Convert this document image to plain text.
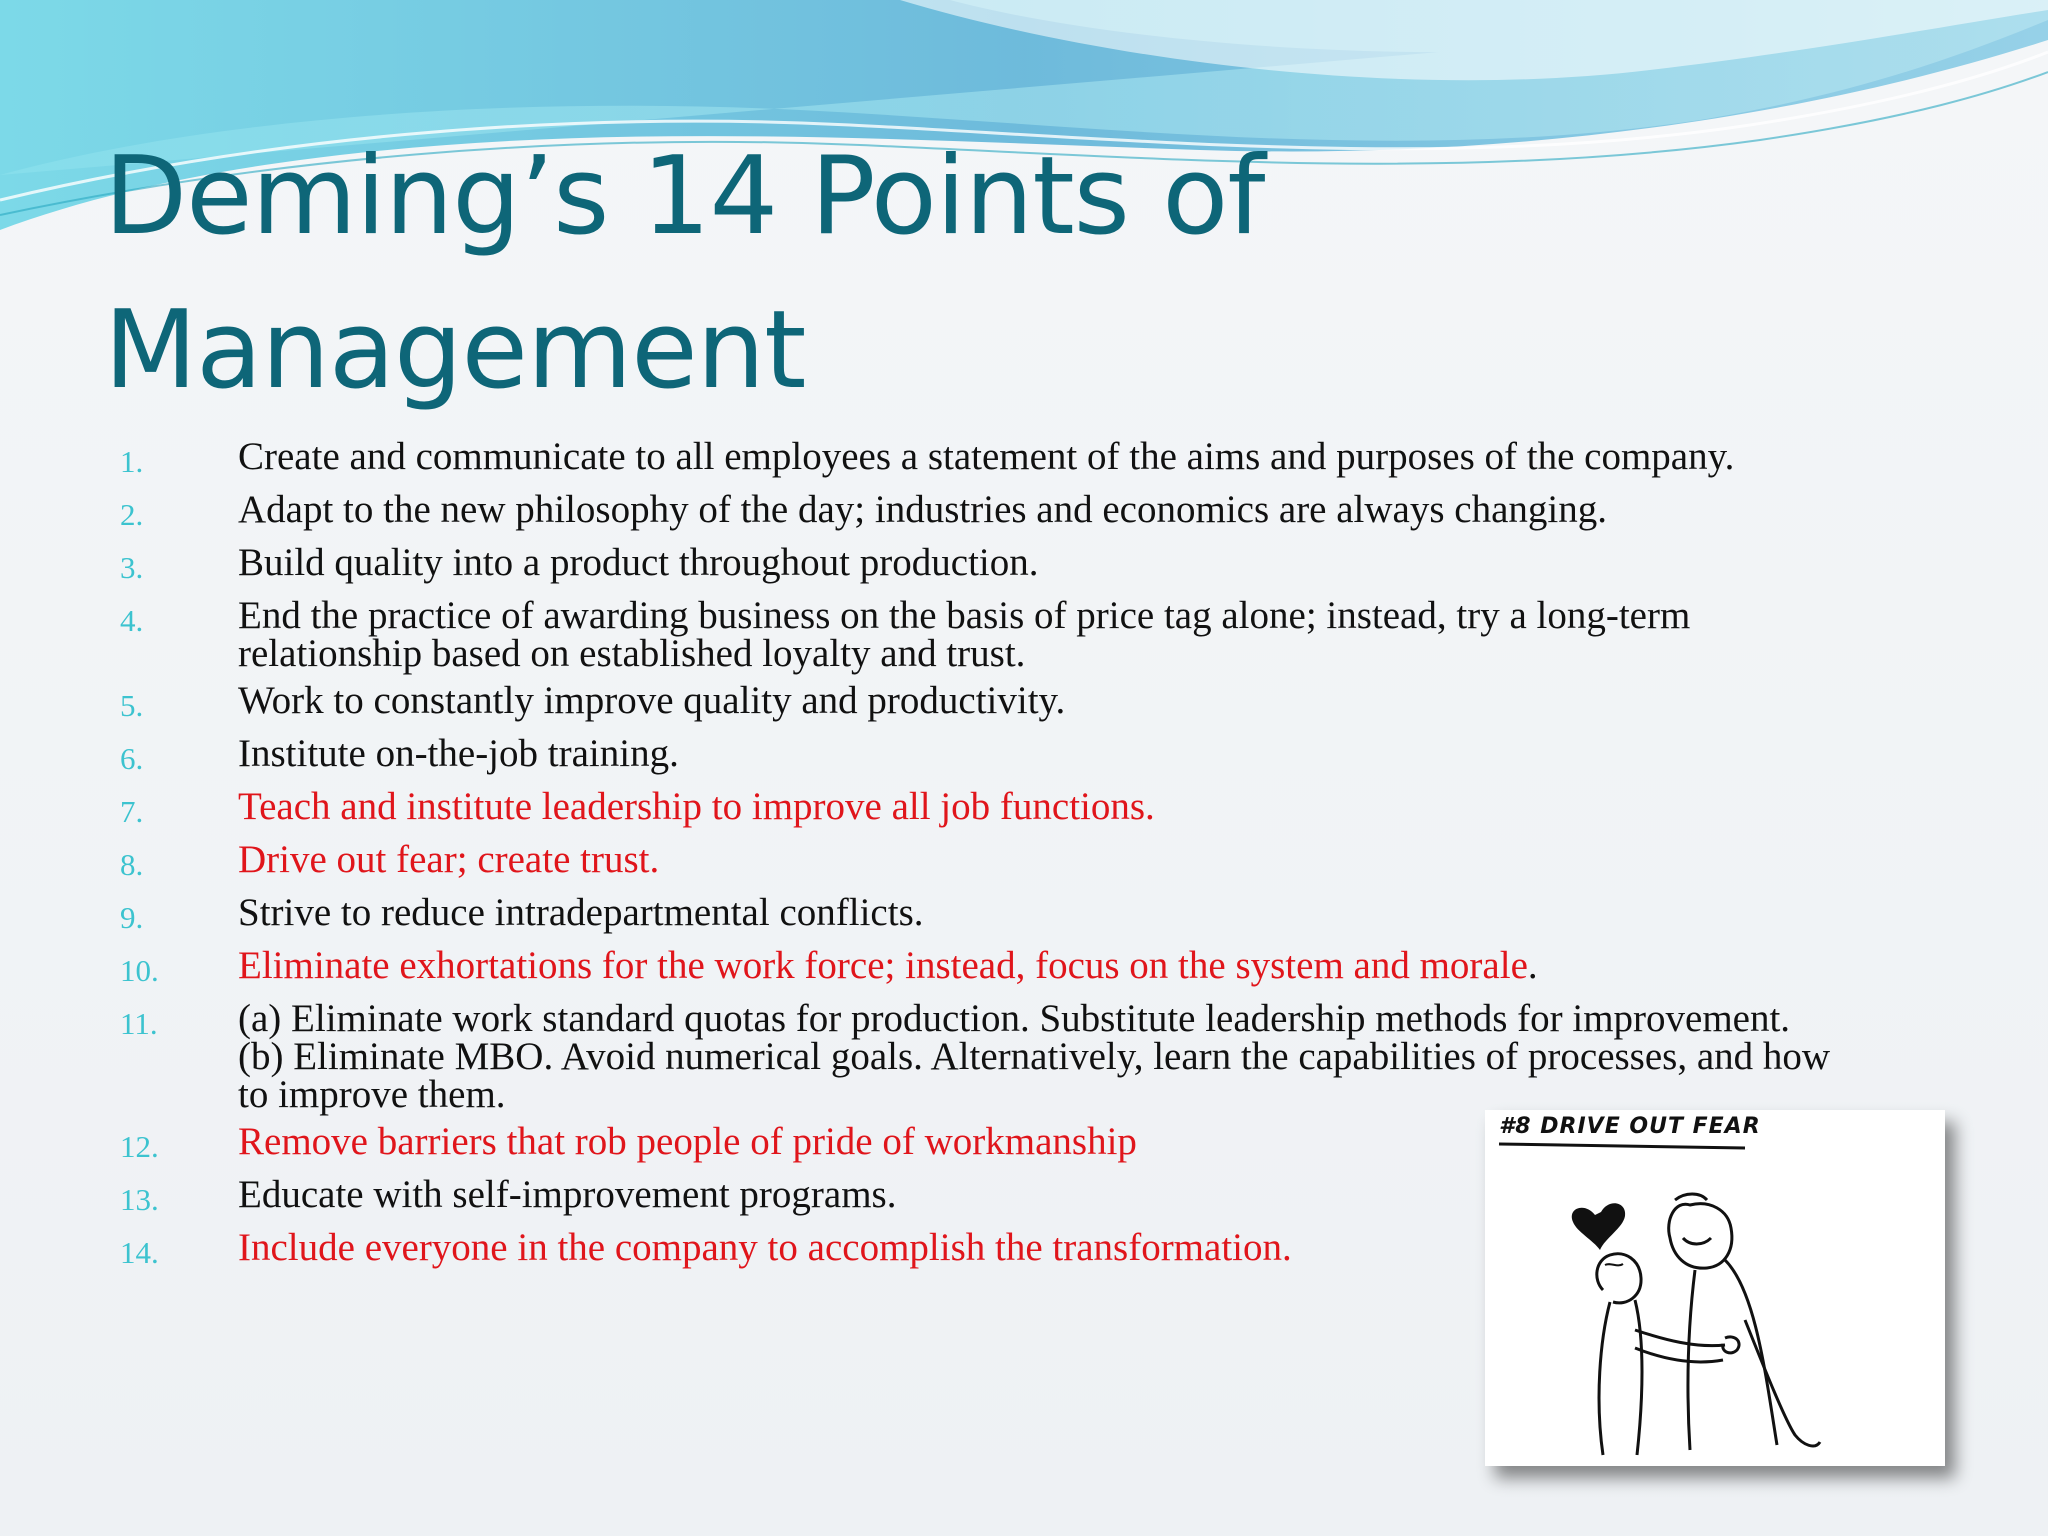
Deming’s 14 Points of
Management
1.	Create and communicate to all employees a statement of the aims and purposes of the company.
2.	Adapt to the new philosophy of the day; industries and economics are always changing.
3.	Build quality into a product throughout production.
4.	End the practice of awarding business on the basis of price tag alone; instead, try a long-term relationship based on established loyalty and trust.
5.	Work to constantly improve quality and productivity.
6.	Institute on-the-job training.
7.	Teach and institute leadership to improve all job functions.
8.	Drive out fear; create trust.
9.	Strive to reduce intradepartmental conflicts.
10.	Eliminate exhortations for the work force; instead, focus on the system and morale.
11.	(a) Eliminate work standard quotas for production. Substitute leadership methods for improvement.
(b) Eliminate MBO. Avoid numerical goals. Alternatively, learn the capabilities of processes, and how to improve them.
12.	Remove barriers that rob people of pride of workmanship
13.	Educate with self-improvement programs.
14.	Include everyone in the company to accomplish the transformation.
#8 DRIVE OUT FEAR
